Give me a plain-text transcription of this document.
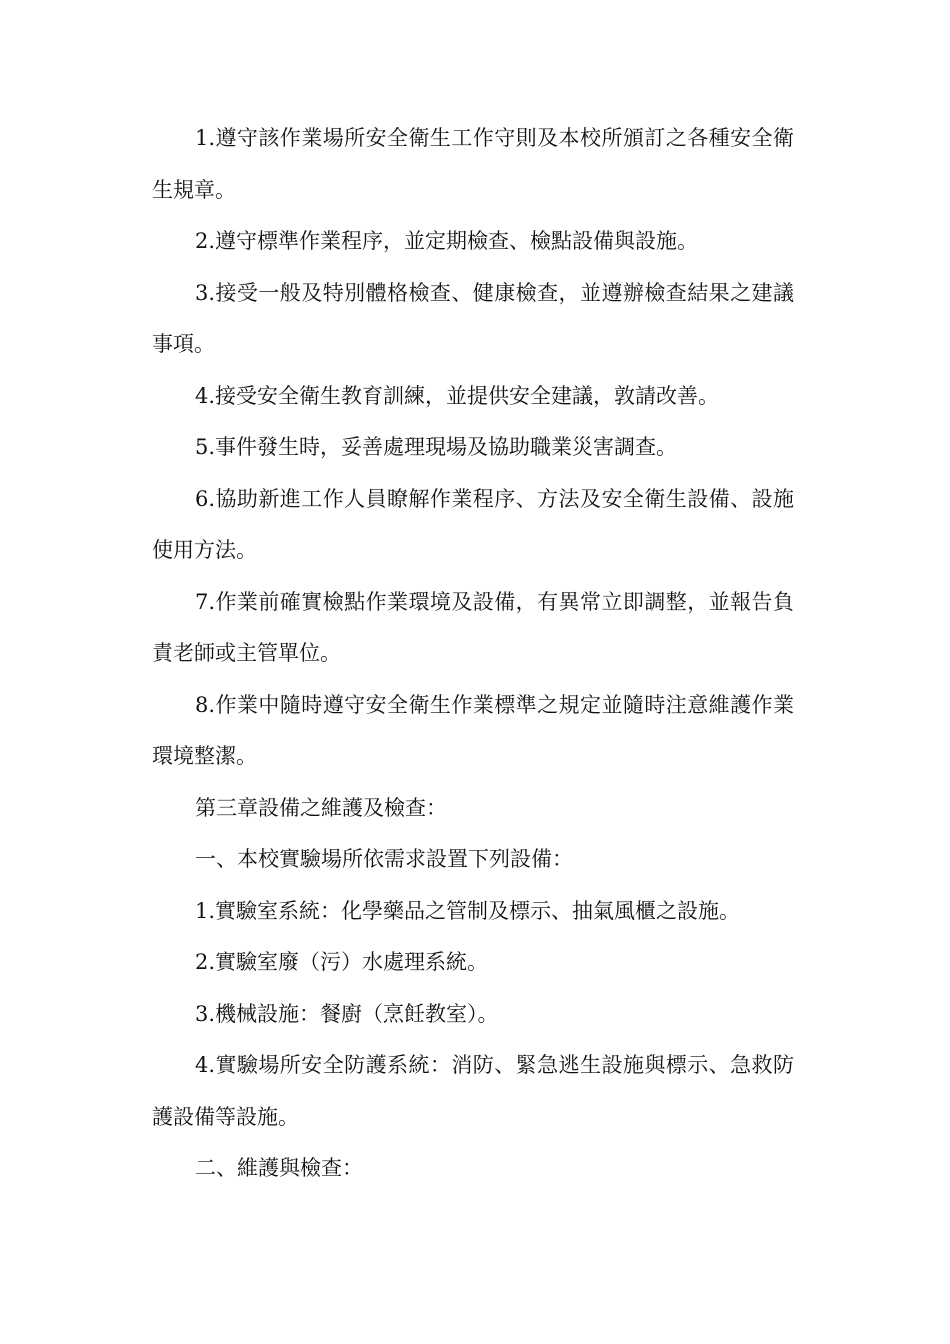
1.遵守該作業場所安全衛生工作守則及本校所頒訂之各種安全衛生規章。

2.遵守標準作業程序，並定期檢查、檢點設備與設施。

3.接受一般及特別體格檢查、健康檢查，並遵辦檢查結果之建議事項。

4.接受安全衛生教育訓練，並提供安全建議，敦請改善。

5.事件發生時，妥善處理現場及協助職業災害調查。

6.協助新進工作人員瞭解作業程序、方法及安全衛生設備、設施使用方法。

7.作業前確實檢點作業環境及設備，有異常立即調整，並報告負責老師或主管單位。

8.作業中隨時遵守安全衛生作業標準之規定並隨時注意維護作業環境整潔。

第三章設備之維護及檢查：

一、本校實驗場所依需求設置下列設備：

1.實驗室系統：化學藥品之管制及標示、抽氣風櫃之設施。

2.實驗室廢（污）水處理系統。

3.機械設施：餐廚（烹飪教室）。

4.實驗場所安全防護系統：消防、緊急逃生設施與標示、急救防護設備等設施。

二、維護與檢查：
